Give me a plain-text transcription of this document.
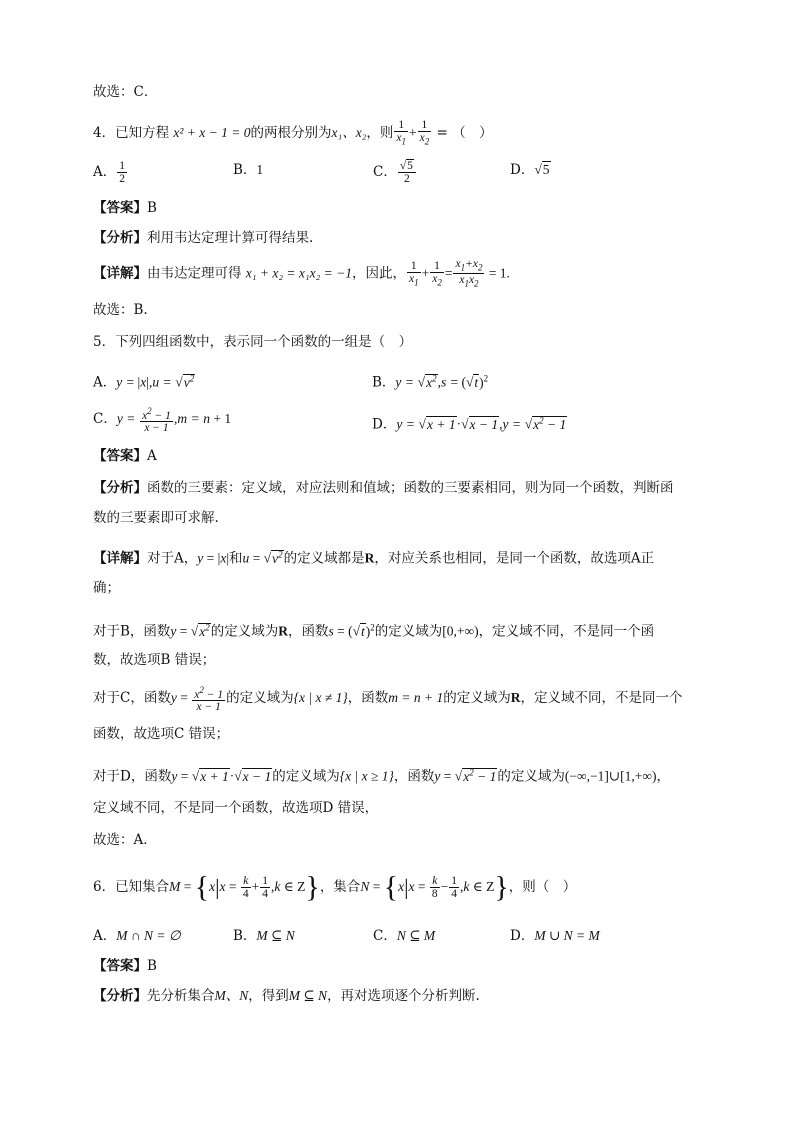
故选：C．
4．已知方程 x² + x − 1 = 0的两根分别为x₁、x₂，则 $\frac{1}{x_1} + \frac{1}{x_2}$ = （　）
A． $\frac{1}{2}$	B．1	C． $\frac{√5}{2}$	D．√5
【答案】B
【分析】利用韦达定理计算可得结果.
【详解】由韦达定理可得 x₁ + x₂ = x₁x₂ = −1，因此， $\frac{1}{x_1} + \frac{1}{x_2} = \frac{x_1+x_2}{x_1x_2} = 1$.
故选：B.
5．下列四组函数中，表示同一个函数的一组是（　）
A．$y = |x|,u = √v^2$	B．$y = √x^2,s = (√t)^2$
C．$y = \frac{x^2 - 1}{x - 1} ,m = n + 1$	D．$y = √x + 1\cdot√x - 1,y = √x^2 - 1$
【答案】A
【分析】函数的三要素：定义域，对应法则和值域；函数的三要素相同，则为同一个函数，判断函
数的三要素即可求解.
【详解】对于A，y = |x|和$u = √v^2$的定义域都是R，对应关系也相同，是同一个函数，故选项A正
确；
对于B，函数$y = √x^2$的定义域为R，函数$s = (√t)^2$的定义域为[0,+∞)，定义域不同，不是同一个函
数，故选项B 错误；
对于C，函数$y = \frac{x^2 - 1}{x - 1}$ 的定义域为{x | x ≠ 1}，函数m = n + 1的定义域为R，定义域不同，不是同一个
函数，故选项C 错误；
对于D，函数y = √x + 1·√x − 1的定义域为{x | x ≥ 1}，函数$y = √x^2 - 1$的定义域为(−∞,−1]∪[1,+∞)，
定义域不同，不是同一个函数，故选项D 错误，
故选：A．
6．已知集合$M = \{x|x = \frac{k}{4} + \frac{1}{4} ,k$ ∈ Z}，集合$N = \{x|x = \frac{k}{8} - \frac{1}{4} ,k$ ∈ Z}，则（　）
A．M ∩ N = ∅	B．M ⊆ N	C．N ⊆ M	D．M ∪ N = M
【答案】B
【分析】先分析集合M、N，得到M ⊆ N，再对选项逐个分析判断.
